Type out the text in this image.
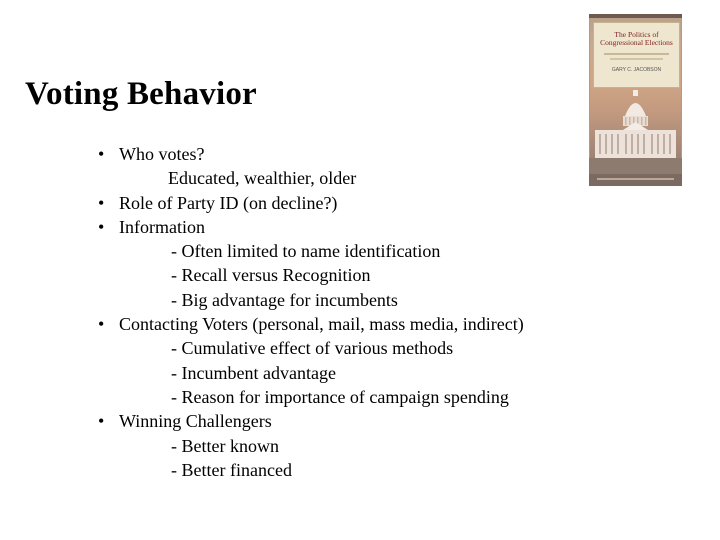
Voting Behavior
The Politics of
Congressional Elections
GARY C. JACOBSON
• Who votes?
Educated, wealthier, older
• Role of Party ID (on decline?)
• Information
- Often limited to name identification
- Recall versus Recognition
- Big advantage for incumbents
• Contacting Voters (personal, mail, mass media, indirect)
- Cumulative effect of various methods
- Incumbent advantage
- Reason for importance of campaign spending
• Winning Challengers
- Better known
- Better financed
